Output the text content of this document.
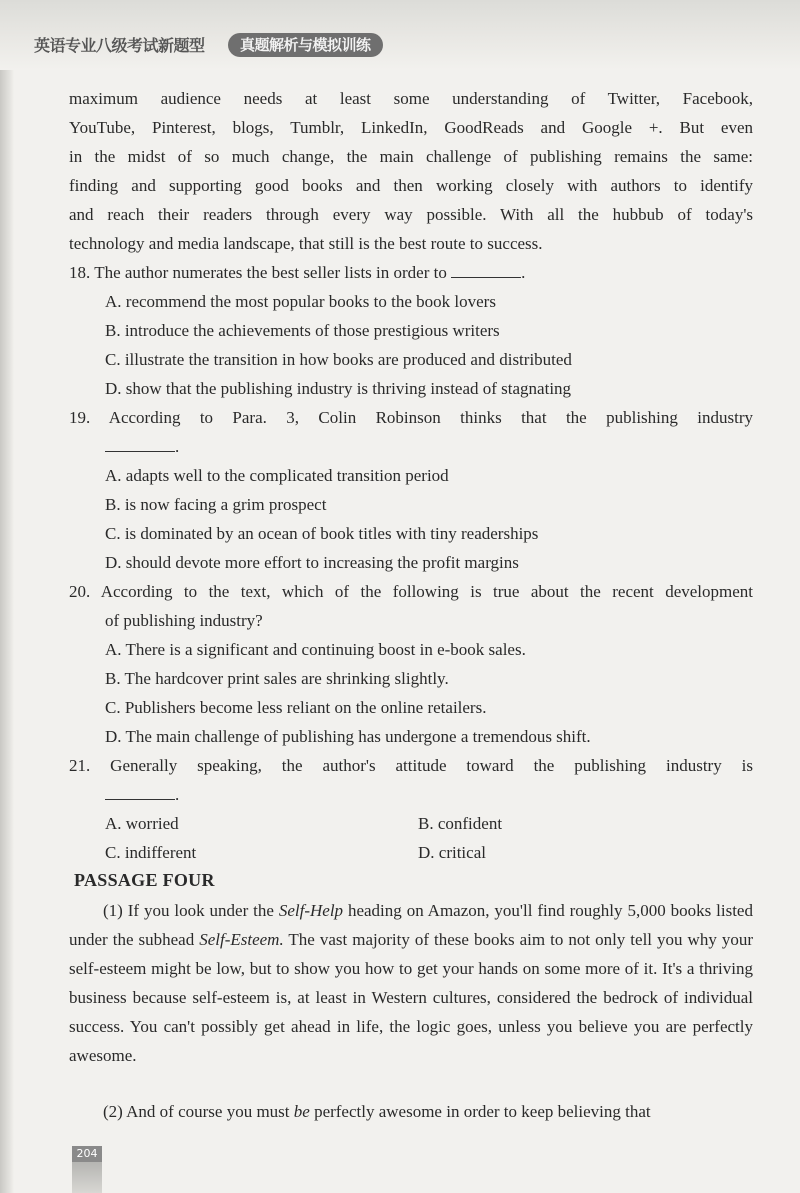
英语专业八级考试新题型	真题解析与模拟训练
maximum audience needs at least some understanding of Twitter, Facebook,
YouTube, Pinterest, blogs, Tumblr, LinkedIn, GoodReads and Google +. But even
in the midst of so much change, the main challenge of publishing remains the same:
finding and supporting good books and then working closely with authors to identify
and reach their readers through every way possible. With all the hubbub of today's
technology and media landscape, that still is the best route to success.
18. The author numerates the best seller lists in order to	.
A. recommend the most popular books to the book lovers
B. introduce the achievements of those prestigious writers
C. illustrate the transition in how books are produced and distributed
D. show that the publishing industry is thriving instead of stagnating
19. According to Para. 3, Colin Robinson thinks that the publishing industry
.
A. adapts well to the complicated transition period
B. is now facing a grim prospect
C. is dominated by an ocean of book titles with tiny readerships
D. should devote more effort to increasing the profit margins
20. According to the text, which of the following is true about the recent development
of publishing industry?
A. There is a significant and continuing boost in e-book sales.
B. The hardcover print sales are shrinking slightly.
C. Publishers become less reliant on the online retailers.
D. The main challenge of publishing has undergone a tremendous shift.
21. Generally speaking, the author's attitude toward the publishing industry is
.
A. worried	B. confident
C. indifferent	D. critical
PASSAGE FOUR

(1) If you look under the Self-Help heading on Amazon, you'll find roughly 5,000 books listed under the subhead Self-Esteem. The vast majority of these books aim to not only tell you why your self-esteem might be low, but to show you how to get your hands on some more of it. It's a thriving business because self-esteem is, at least in Western cultures, considered the bedrock of individual success. You can't possibly get ahead in life, the logic goes, unless you believe you are perfectly awesome.

(2) And of course you must be perfectly awesome in order to keep believing that

204
